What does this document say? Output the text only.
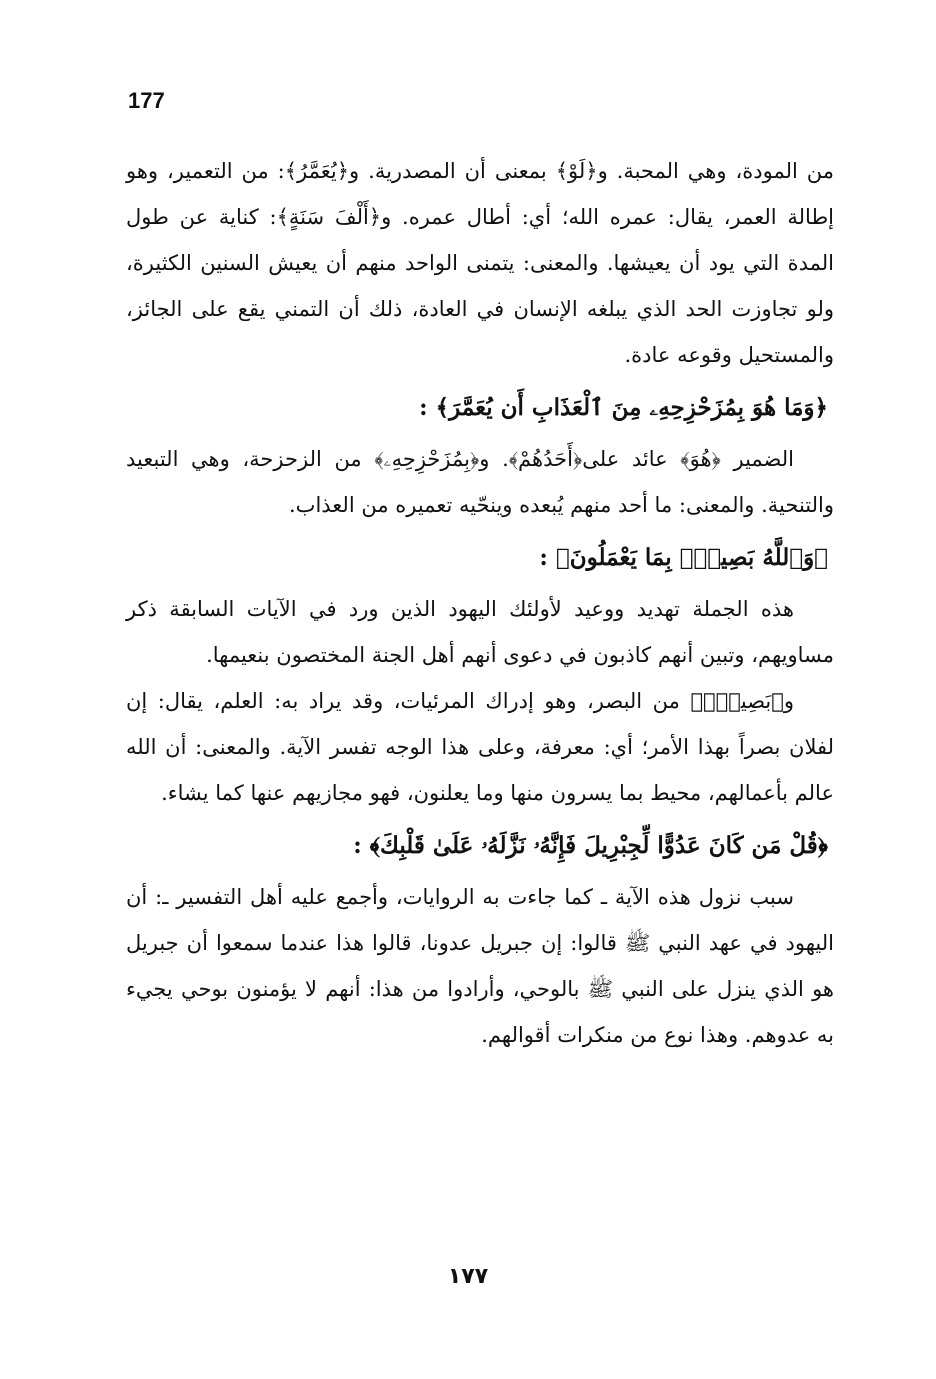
177

من المودة، وهي المحبة. و﴿لَوْ﴾ بمعنى أن المصدرية. و﴿يُعَمَّرُ﴾: من التعمير، وهو إطالة العمر، يقال: عمره الله؛ أي: أطال عمره. و﴿أَلْفَ سَنَةٍ﴾: كناية عن طول المدة التي يود أن يعيشها. والمعنى: يتمنى الواحد منهم أن يعيش السنين الكثيرة، ولو تجاوزت الحد الذي يبلغه الإنسان في العادة، ذلك أن التمني يقع على الجائز، والمستحيل وقوعه عادة.

﴿وَمَا هُوَ بِمُزَحْزِحِهِۦ مِنَ ٱلْعَذَابِ أَن يُعَمَّرَ﴾ :

الضمير ﴿هُوَ﴾ عائد على﴿أَحَدُهُمْ﴾. و﴿بِمُزَحْزِحِهِۦ﴾ من الزحزحة، وهي التبعيد والتنحية. والمعنى: ما أحد منهم يُبعده وينحّيه تعميره من العذاب.

﴿وَٱللَّهُ بَصِيرٌۢ بِمَا يَعْمَلُونَ﴾ :

هذه الجملة تهديد ووعيد لأولئك اليهود الذين ورد في الآيات السابقة ذكر مساويهم، وتبين أنهم كاذبون في دعوى أنهم أهل الجنة المختصون بنعيمها.

و﴿بَصِيرٌۢ﴾ من البصر، وهو إدراك المرئيات، وقد يراد به: العلم، يقال: إن لفلان بصراً بهذا الأمر؛ أي: معرفة، وعلى هذا الوجه تفسر الآية. والمعنى: أن الله عالم بأعمالهم، محيط بما يسرون منها وما يعلنون، فهو مجازيهم عنها كما يشاء.

﴿قُلْ مَن كَانَ عَدُوًّا لِّجِبْرِيلَ فَإِنَّهُۥ نَزَّلَهُۥ عَلَىٰ قَلْبِكَ﴾ :

سبب نزول هذه الآية ـ كما جاءت به الروايات، وأجمع عليه أهل التفسير ـ: أن اليهود في عهد النبي ﷺ قالوا: إن جبريل عدونا، قالوا هذا عندما سمعوا أن جبريل هو الذي ينزل على النبي ﷺ بالوحي، وأرادوا من هذا: أنهم لا يؤمنون بوحي يجيء به عدوهم. وهذا نوع من منكرات أقوالهم.

١٧٧
